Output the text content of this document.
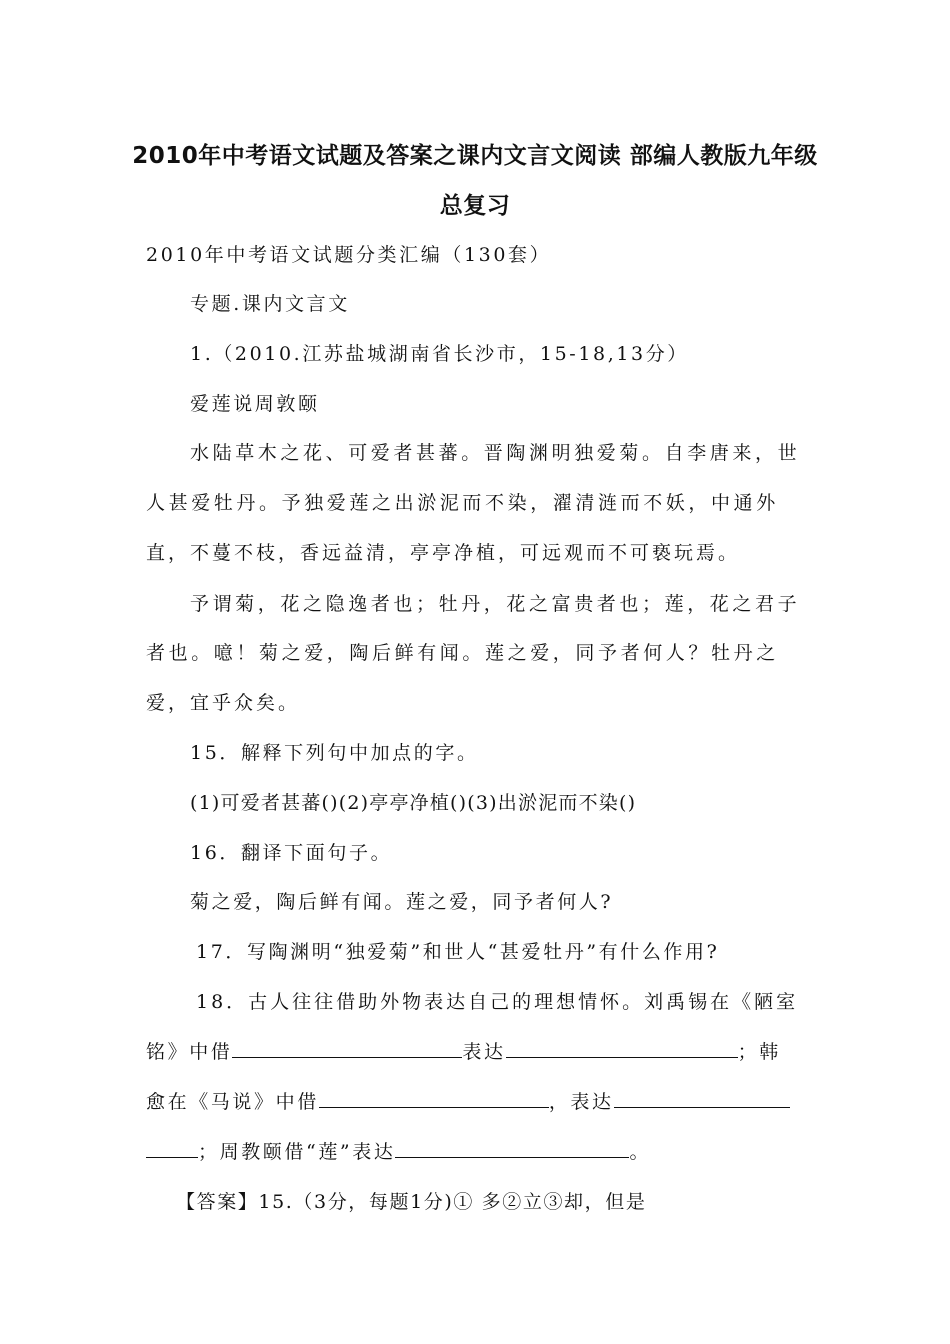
2010年中考语文试题及答案之课内文言文阅读 部编人教版九年级
总复习
2010年中考语文试题分类汇编（130套）
专题.课内文言文
1.（2010.江苏盐城湖南省长沙市，15-18,13分）
爱莲说周敦颐
水陆草木之花、可爱者甚蕃。晋陶渊明独爱菊。自李唐来，世
人甚爱牡丹。予独爱莲之出淤泥而不染，濯清涟而不妖，中通外
直，不蔓不枝，香远益清，亭亭净植，可远观而不可亵玩焉。
予谓菊，花之隐逸者也；牡丹，花之富贵者也；莲，花之君子
者也。噫！菊之爱，陶后鲜有闻。莲之爱，同予者何人？牡丹之
爱，宜乎众矣。
15．解释下列句中加点的字。
(1)可爱者甚蕃()(2)亭亭净植()(3)出淤泥而不染()
16．翻译下面句子。
菊之爱，陶后鲜有闻。莲之爱，同予者何人?
17．写陶渊明“独爱菊”和世人“甚爱牡丹”有什么作用?
18．古人往往借助外物表达自己的理想情怀。刘禹锡在《陋室
铭》中借	表达	；韩
愈在《马说》中借	，表达
；周教颐借“莲”表达	。
【答案】15.（3分，每题1分)① 多②立③却，但是
